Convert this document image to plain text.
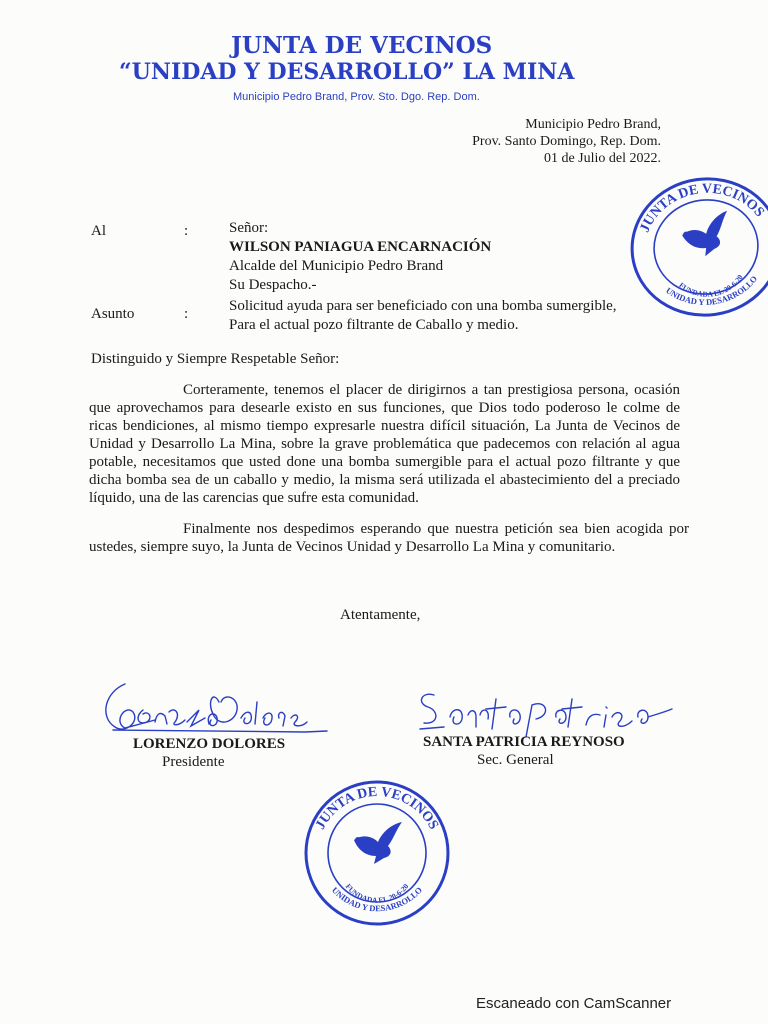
JUNTA DE VECINOS
“UNIDAD Y DESARROLLO” LA MINA
Municipio Pedro Brand, Prov. Sto. Dgo. Rep. Dom.
Municipio Pedro Brand,
Prov. Santo Domingo, Rep. Dom.
01 de Julio del 2022.
Al	:	Señor:
WILSON PANIAGUA ENCARNACIÓN
Alcalde del Municipio Pedro Brand
Su Despacho.-
Asunto	:	Solicitud ayuda para ser beneficiado con una bomba sumergible,
Para el actual pozo filtrante de Caballo y medio.
Distinguido y Siempre Respetable Señor:
Corteramente, tenemos el placer de dirigirnos a tan prestigiosa persona, ocasión que aprovechamos para desearle existo en sus funciones, que Dios todo poderoso le colme de ricas bendiciones, al mismo tiempo expresarle nuestra difícil situación, La Junta de Vecinos de Unidad y Desarrollo La Mina, sobre la grave problemática que padecemos con relación al agua potable, necesitamos que usted done una bomba sumergible para el actual pozo filtrante y que dicha bomba sea de un caballo y medio, la misma será utilizada el abastecimiento del a preciado líquido, una de las carencias que sufre esta comunidad.
Finalmente nos despedimos esperando que nuestra petición sea bien acogida por ustedes, siempre suyo, la Junta de Vecinos Unidad y Desarrollo La Mina y comunitario.
Atentamente,
LORENZO DOLORES
Presidente
SANTA PATRICIA REYNOSO
Sec. General
JUNTA DE VECINOS
UNIDAD Y DESARROLLO
FUNDADA EL 20-6-20
JUNTA DE VECINOS
UNIDAD Y DESARROLLO
FUNDADA EL 20-6-20
Escaneado con CamScanner
